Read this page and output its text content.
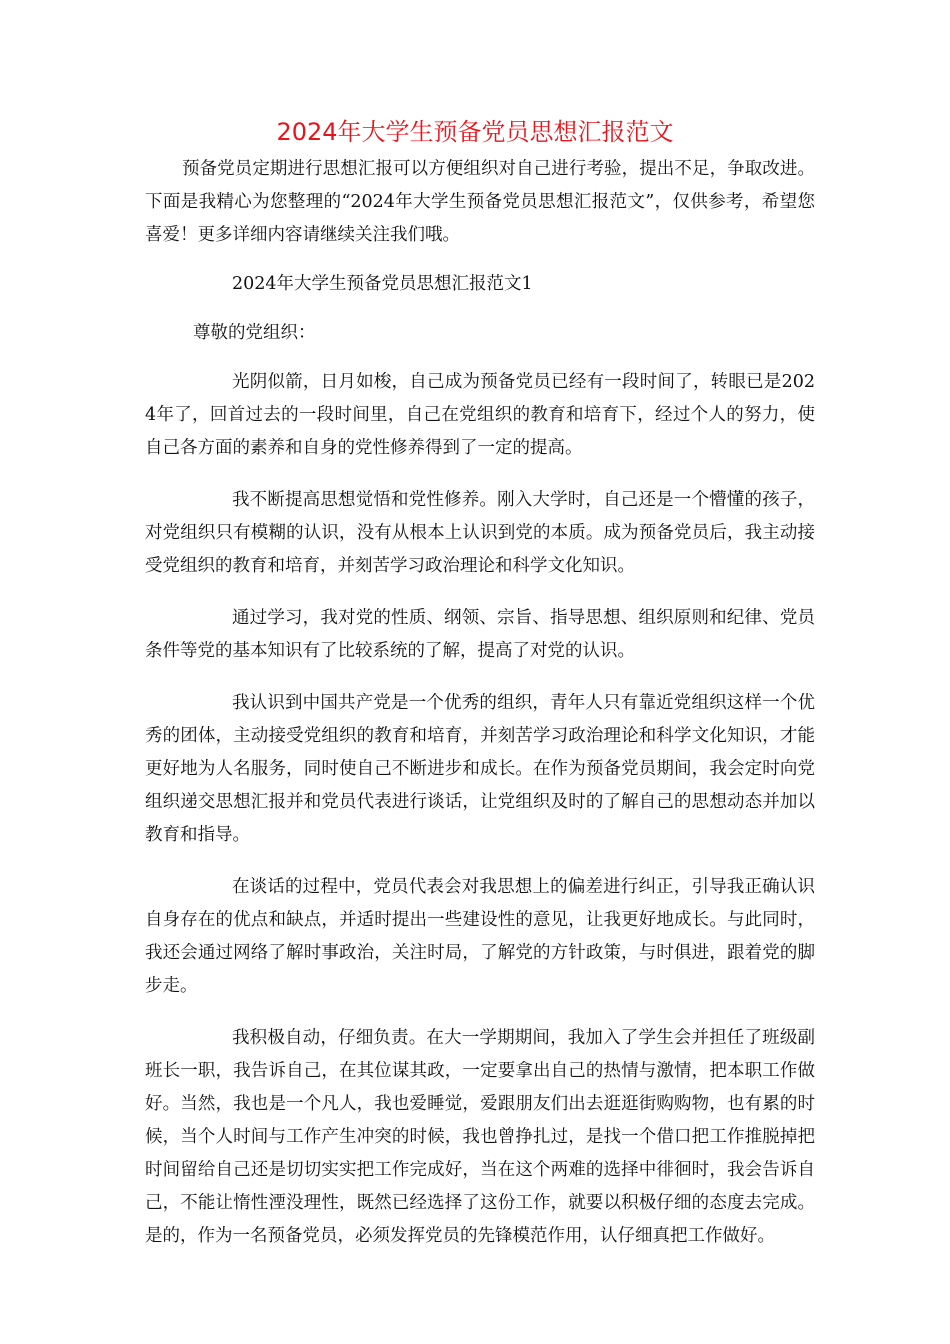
2024年大学生预备党员思想汇报范文

预备党员定期进行思想汇报可以方便组织对自己进行考验，提出不足，争取改进。下面是我精心为您整理的“2024年大学生预备党员思想汇报范文”，仅供参考，希望您喜爱！更多详细内容请继续关注我们哦。

2024年大学生预备党员思想汇报范文1

尊敬的党组织：

光阴似箭，日月如梭，自己成为预备党员已经有一段时间了，转眼已是2024年了，回首过去的一段时间里，自己在党组织的教育和培育下，经过个人的努力，使自己各方面的素养和自身的党性修养得到了一定的提高。

我不断提高思想觉悟和党性修养。刚入大学时，自己还是一个懵懂的孩子，对党组织只有模糊的认识，没有从根本上认识到党的本质。成为预备党员后，我主动接受党组织的教育和培育，并刻苦学习政治理论和科学文化知识。

通过学习，我对党的性质、纲领、宗旨、指导思想、组织原则和纪律、党员条件等党的基本知识有了比较系统的了解，提高了对党的认识。

我认识到中国共产党是一个优秀的组织，青年人只有靠近党组织这样一个优秀的团体，主动接受党组织的教育和培育，并刻苦学习政治理论和科学文化知识，才能更好地为人名服务，同时使自己不断进步和成长。在作为预备党员期间，我会定时向党组织递交思想汇报并和党员代表进行谈话，让党组织及时的了解自己的思想动态并加以教育和指导。

在谈话的过程中，党员代表会对我思想上的偏差进行纠正，引导我正确认识自身存在的优点和缺点，并适时提出一些建设性的意见，让我更好地成长。与此同时，我还会通过网络了解时事政治，关注时局，了解党的方针政策，与时俱进，跟着党的脚步走。

我积极自动，仔细负责。在大一学期期间，我加入了学生会并担任了班级副班长一职，我告诉自己，在其位谋其政，一定要拿出自己的热情与激情，把本职工作做好。当然，我也是一个凡人，我也爱睡觉，爱跟朋友们出去逛逛街购购物，也有累的时候，当个人时间与工作产生冲突的时候，我也曾挣扎过，是找一个借口把工作推脱掉把时间留给自己还是切切实实把工作完成好，当在这个两难的选择中徘徊时，我会告诉自己，不能让惰性湮没理性，既然已经选择了这份工作，就要以积极仔细的态度去完成。是的，作为一名预备党员，必须发挥党员的先锋模范作用，认仔细真把工作做好。
